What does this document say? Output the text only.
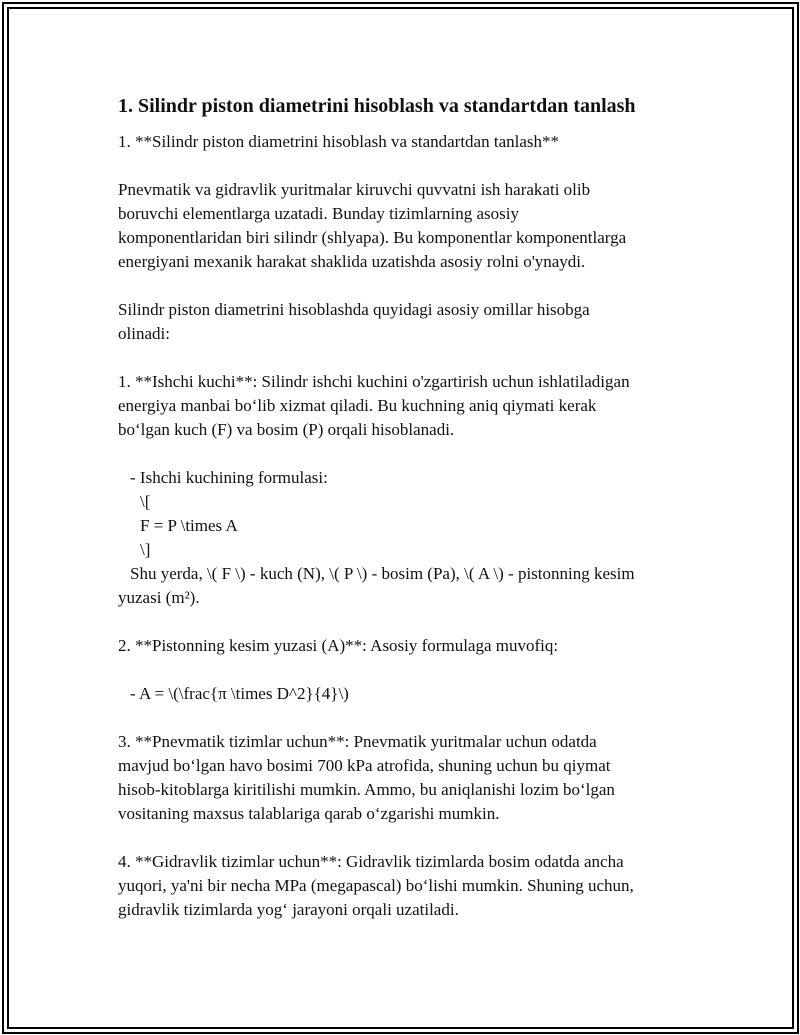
1. Silindr piston diametrini hisoblash va standartdan tanlash

1. **Silindr piston diametrini hisoblash va standartdan tanlash**

Pnevmatik va gidravlik yuritmalar kiruvchi quvvatni ish harakati olib

boruvchi elementlarga uzatadi. Bunday tizimlarning asosiy

komponentlaridan biri silindr (shlyapa). Bu komponentlar komponentlarga

energiyani mexanik harakat shaklida uzatishda asosiy rolni o'ynaydi.

Silindr piston diametrini hisoblashda quyidagi asosiy omillar hisobga

olinadi:

1. **Ishchi kuchi**: Silindr ishchi kuchini o'zgartirish uchun ishlatiladigan

energiya manbai bo‘lib xizmat qiladi. Bu kuchning aniq qiymati kerak

bo‘lgan kuch (F) va bosim (P) orqali hisoblanadi.

- Ishchi kuchining formulasi:

\[

F = P \times A

\]

Shu yerda, \( F \) - kuch (N), \( P \) - bosim (Pa), \( A \) - pistonning kesim

yuzasi (m²).

2. **Pistonning kesim yuzasi (A)**: Asosiy formulaga muvofiq:

- A = \(\frac{π \times D^2}{4}\)

3. **Pnevmatik tizimlar uchun**: Pnevmatik yuritmalar uchun odatda

mavjud bo‘lgan havo bosimi 700 kPa atrofida, shuning uchun bu qiymat

hisob-kitoblarga kiritilishi mumkin. Ammo, bu aniqlanishi lozim bo‘lgan

vositaning maxsus talablariga qarab o‘zgarishi mumkin.

4. **Gidravlik tizimlar uchun**: Gidravlik tizimlarda bosim odatda ancha

yuqori, ya'ni bir necha MPa (megapascal) bo‘lishi mumkin. Shuning uchun,

gidravlik tizimlarda yog‘ jarayoni orqali uzatiladi.
